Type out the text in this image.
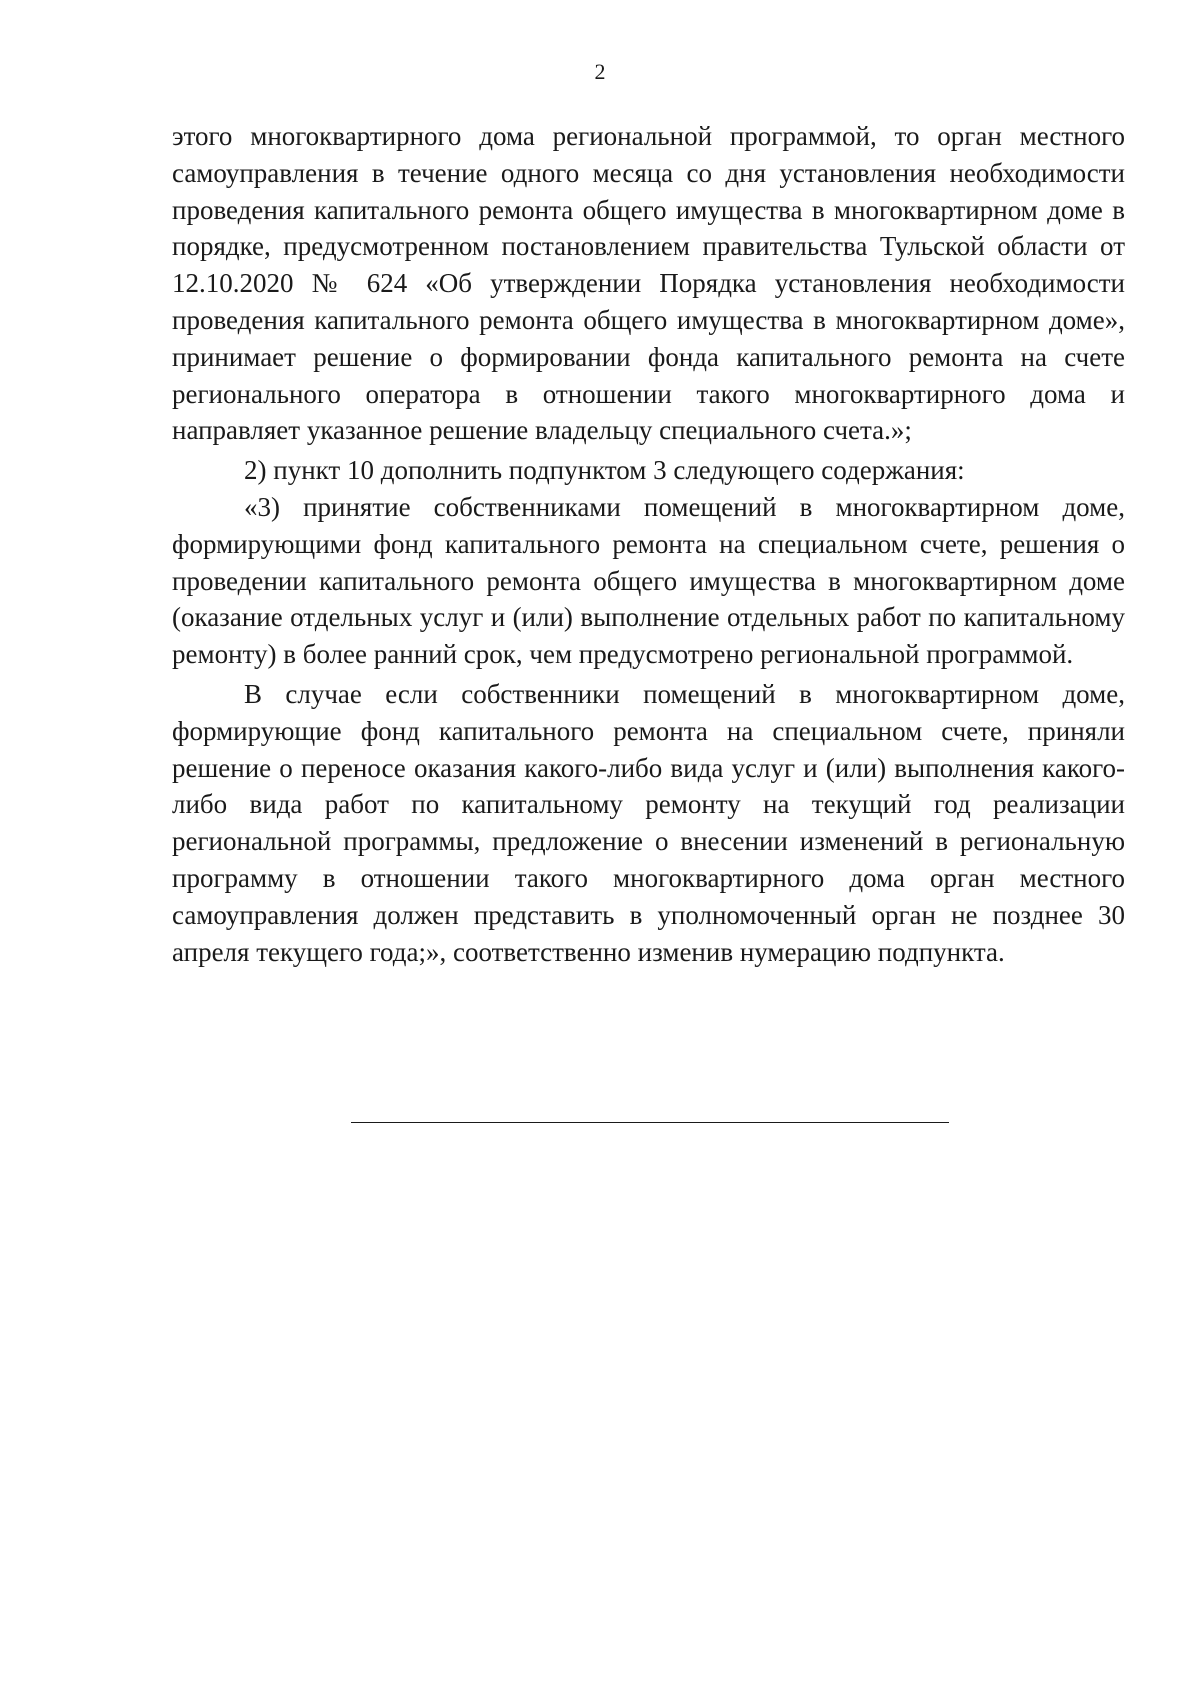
2

этого многоквартирного дома региональной программой, то орган местного самоуправления в течение одного месяца со дня установления необходимости проведения капитального ремонта общего имущества в многоквартирном доме в порядке, предусмотренном постановлением правительства Тульской области от 12.10.2020 № 624 «Об утверждении Порядка установления необходимости проведения капитального ремонта общего имущества в многоквартирном доме», принимает решение о формировании фонда капитального ремонта на счете регионального оператора в отношении такого многоквартирного дома и направляет указанное решение владельцу специального счета.»;

2) пункт 10 дополнить подпунктом 3 следующего содержания:

«3) принятие собственниками помещений в многоквартирном доме, формирующими фонд капитального ремонта на специальном счете, решения о проведении капитального ремонта общего имущества в многоквартирном доме (оказание отдельных услуг и (или) выполнение отдельных работ по капитальному ремонту) в более ранний срок, чем предусмотрено региональной программой.

В случае если собственники помещений в многоквартирном доме, формирующие фонд капитального ремонта на специальном счете, приняли решение о переносе оказания какого-либо вида услуг и (или) выполнения какого-либо вида работ по капитальному ремонту на текущий год реализации региональной программы, предложение о внесении изменений в региональную программу в отношении такого многоквартирного дома орган местного самоуправления должен представить в уполномоченный орган не позднее 30 апреля текущего года;», соответственно изменив нумерацию подпункта.
